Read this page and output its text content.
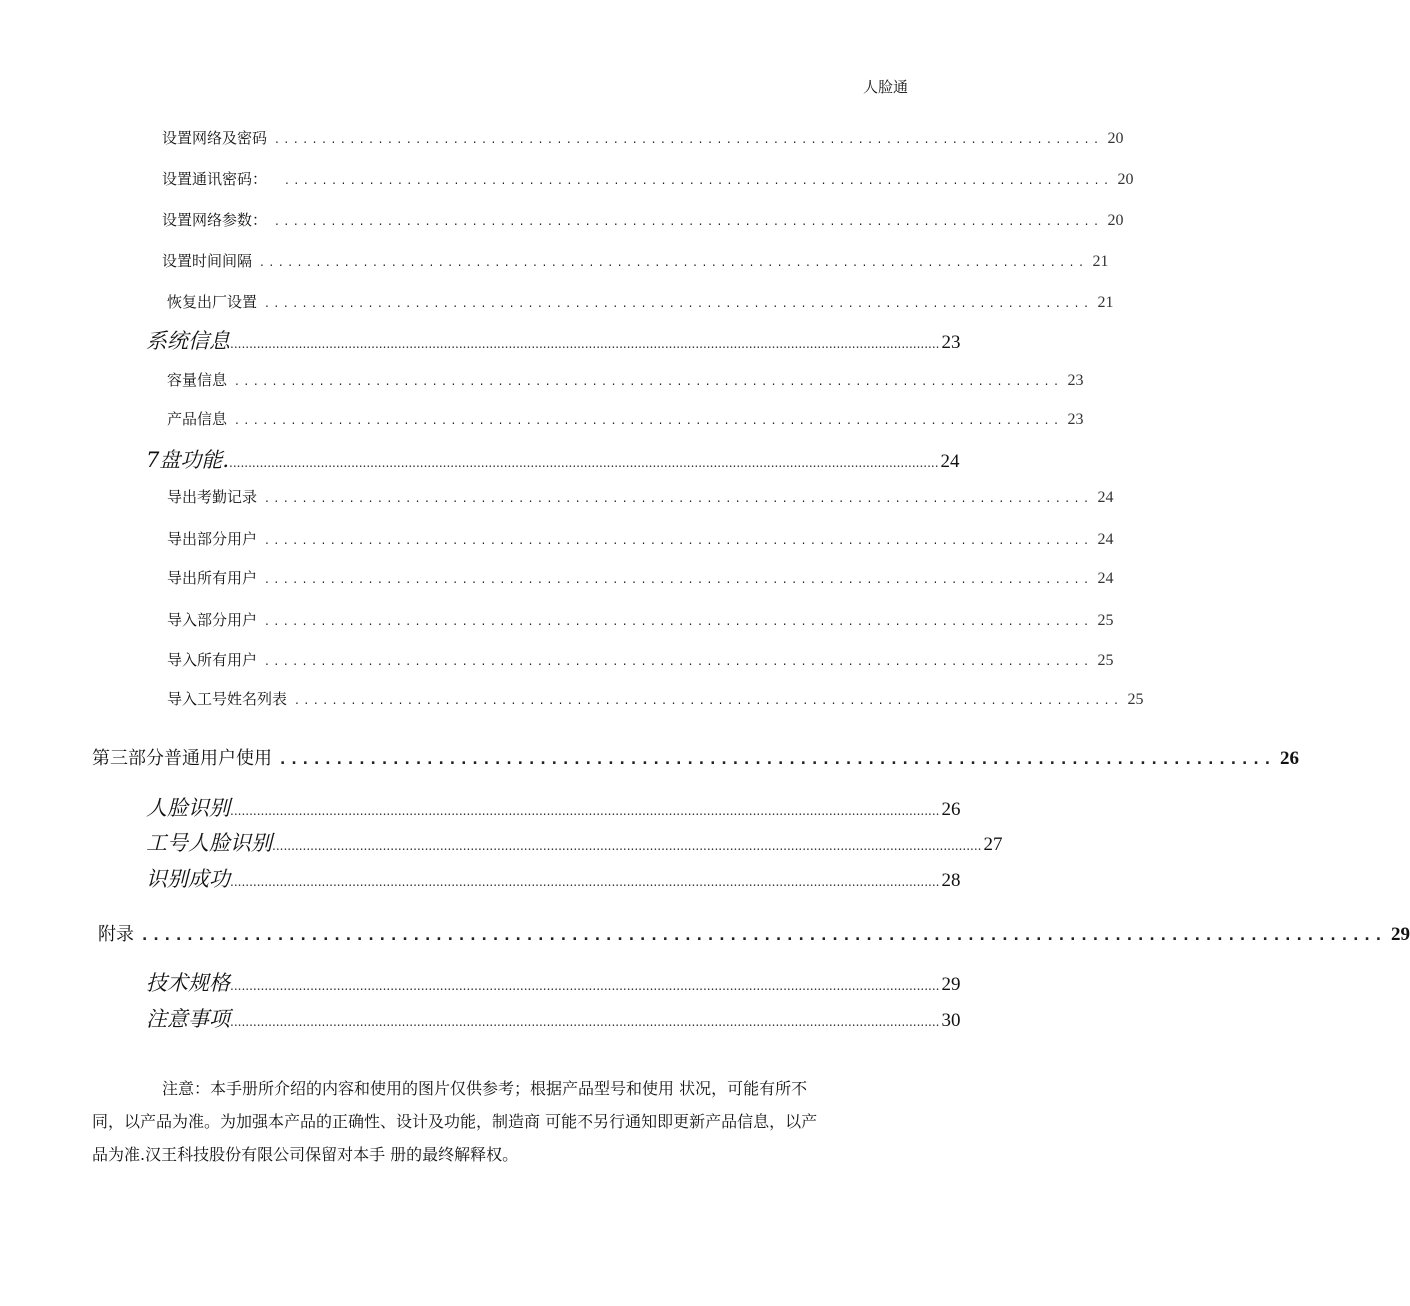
人脸通
设置网络及密码 ........................................................................................ 20
设置通讯密码： ........................................................................................ 20
设置网络参数： ........................................................................................ 20
设置时间间隔 ........................................................................................ 21
恢复出厂设置 ........................................................................................ 21
系统信息 .......................................................................................................................................................................................... 23
容量信息 ........................................................................................ 23
产品信息 ........................................................................................ 23
7盘功能. .......................................................................................................................................................................................... 24
导出考勤记录 ........................................................................................ 24
导出部分用户 ........................................................................................ 24
导出所有用户 ........................................................................................ 24
导入部分用户 ........................................................................................ 25
导入所有用户 ........................................................................................ 25
导入工号姓名列表 ........................................................................................ 25
第三部分普通用户使用 ........................................................................................ 26
人脸识别 .......................................................................................................................................................................................... 26
工号人脸识别 .......................................................................................................................................................................................... 27
识别成功 .......................................................................................................................................................................................... 28
附录 .............................................................................................................. 29
技术规格 .......................................................................................................................................................................................... 29
注意事项 .......................................................................................................................................................................................... 30
注意：本手册所介绍的内容和使用的图片仅供参考；根据产品型号和使用 状况，可能有所不同，以产品为准。为加强本产品的正确性、设计及功能，制造商 可能不另行通知即更新产品信息，以产品为准.汉王科技股份有限公司保留对本手 册的最终解释权。
